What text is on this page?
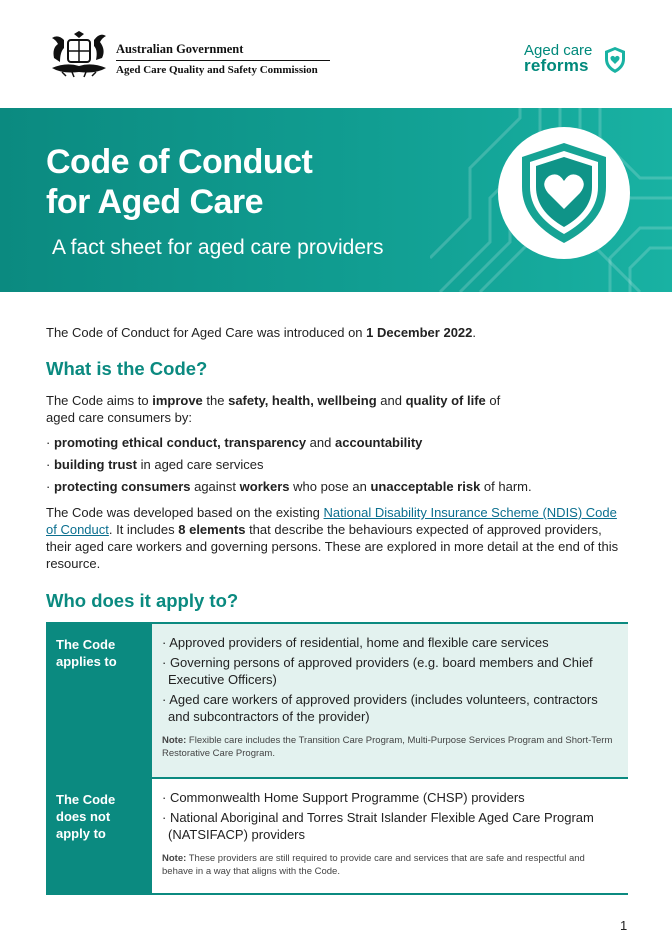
Australian Government
Aged Care Quality and Safety Commission
Aged care
reforms
Code of Conduct
for Aged Care
A fact sheet for aged care providers

The Code of Conduct for Aged Care was introduced on 1 December 2022.

What is the Code?

The Code aims to improve the safety, health, wellbeing and quality of life of aged care consumers by:

· promoting ethical conduct, transparency and accountability
· building trust in aged care services
· protecting consumers against workers who pose an unacceptable risk of harm.

The Code was developed based on the existing National Disability Insurance Scheme (NDIS) Code of Conduct. It includes 8 elements that describe the behaviours expected of approved providers, their aged care workers and governing persons. These are explored in more detail at the end of this resource.

Who does it apply to?
The Code applies to
· Approved providers of residential, home and flexible care services
· Governing persons of approved providers (e.g. board members and Chief Executive Officers)
· Aged care workers of approved providers (includes volunteers, contractors and subcontractors of the provider)
Note: Flexible care includes the Transition Care Program, Multi-Purpose Services Program and Short-Term Restorative Care Program.
The Code does not apply to
· Commonwealth Home Support Programme (CHSP) providers
· National Aboriginal and Torres Strait Islander Flexible Aged Care Program (NATSIFACP) providers
Note: These providers are still required to provide care and services that are safe and respectful and behave in a way that aligns with the Code.
1
